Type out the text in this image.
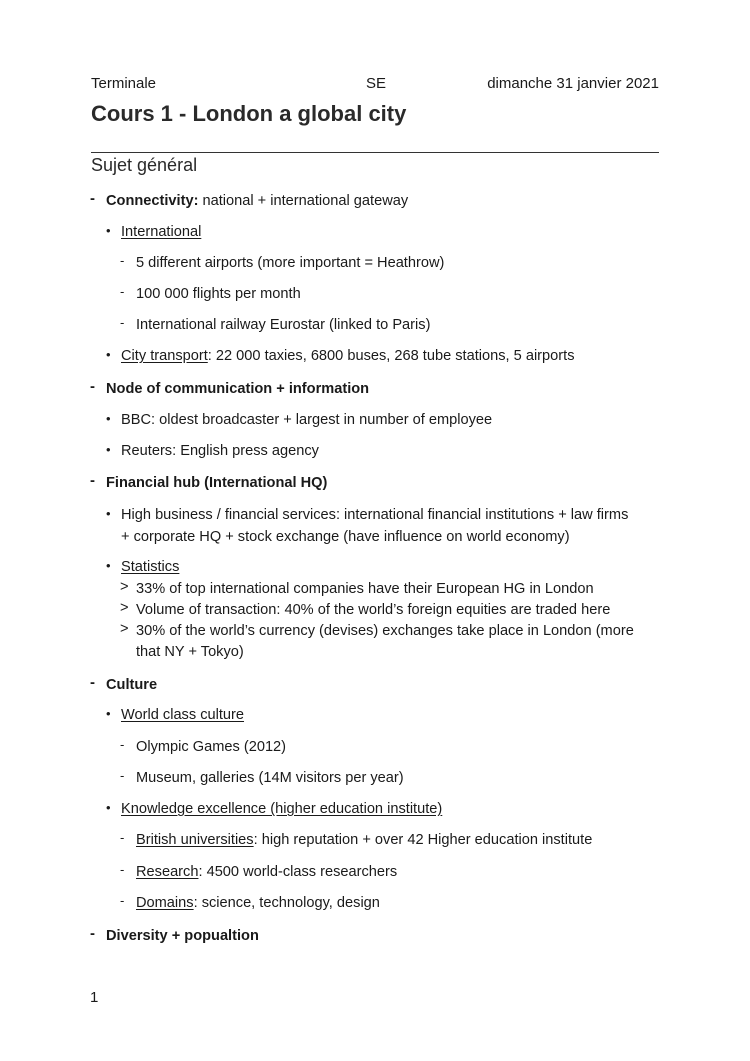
Terminale	SE	dimanche 31 janvier 2021
Cours 1 - London a global city
Sujet général
- Connectivity: national + international gateway
• International
- 5 different airports (more important = Heathrow)
- 100 000 flights per month
- International railway Eurostar (linked to Paris)
• City transport: 22 000 taxies, 6800 buses, 268 tube stations, 5 airports
- Node of communication + information
• BBC: oldest broadcaster + largest in number of employee
• Reuters: English press agency
- Financial hub (International HQ)
• High business / financial services: international financial institutions + law firms
+ corporate HQ + stock exchange (have influence on world economy)
• Statistics
> 33% of top international companies have their European HG in London
> Volume of transaction: 40% of the world’s foreign equities are traded here
> 30% of the world’s currency (devises) exchanges take place in London (more
that NY + Tokyo)
- Culture
• World class culture
- Olympic Games (2012)
- Museum, galleries (14M visitors per year)
• Knowledge excellence (higher education institute)
- British universities: high reputation + over 42 Higher education institute
- Research: 4500 world-class researchers
- Domains: science, technology, design
- Diversity + popualtion
1
